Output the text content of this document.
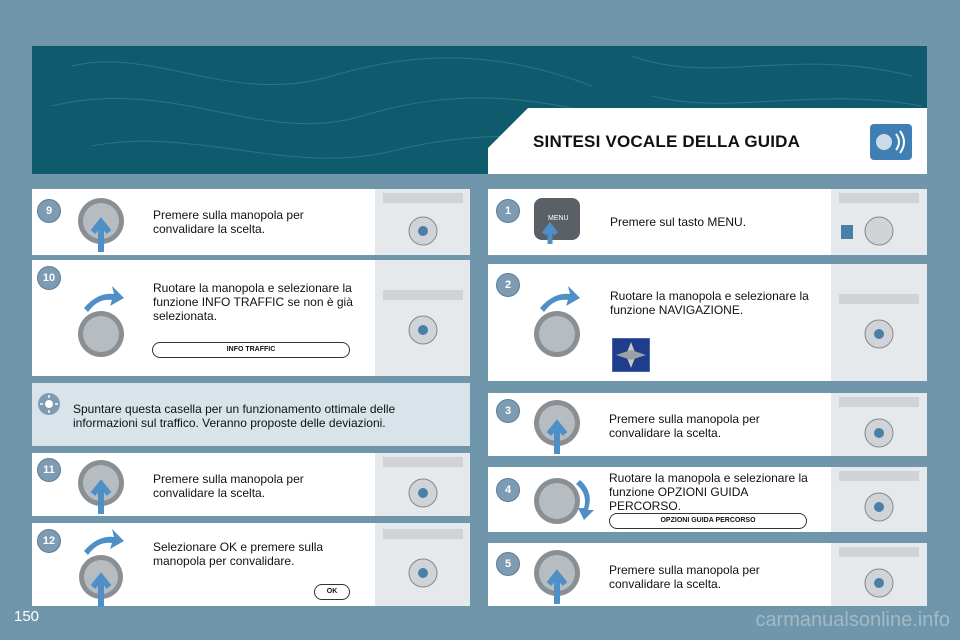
SINTESI VOCALE DELLA GUIDA
9	Premere sulla manopola per convalidare la scelta.
10
Ruotare la manopola e selezionare la funzione INFO TRAFFIC se non è già selezionata.
INFO TRAFFIC
Spuntare questa casella per un funzionamento ottimale delle informazioni sul traffico. Veranno proposte delle deviazioni.
11
Premere sulla manopola per convalidare la scelta.
12	Selezionare OK e premere sulla manopola per convalidare.
OK
1
MENU	Premere sul tasto MENU.
2
Ruotare la manopola e selezionare la funzione NAVIGAZIONE.
3
Premere sulla manopola per convalidare la scelta.
4
Ruotare la manopola e selezionare la funzione OPZIONI GUIDA PERCORSO.
OPZIONI GUIDA PERCORSO
5	Premere sulla manopola per convalidare la scelta.
150	carmanualsonline.info
